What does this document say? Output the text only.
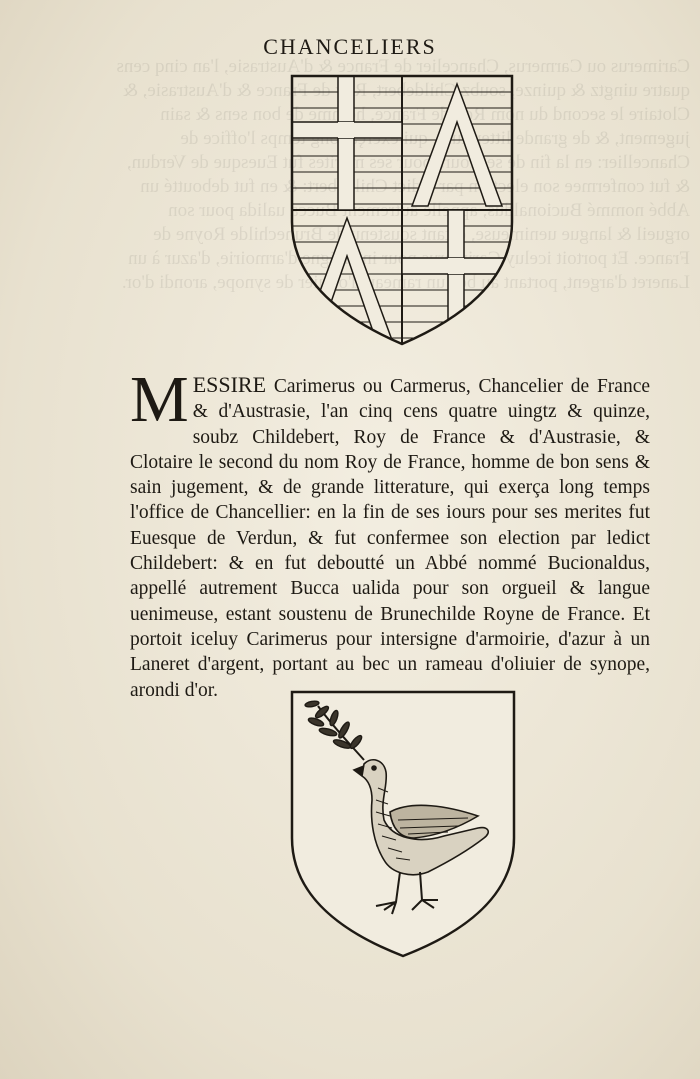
Carimerus ou Carmerus, Chancelier de France & d'Austrasie, l'an cinq cens quatre uingtz & quinze, soubz Childebert, de France & d'Austrasie, & Clotaire le second du nom Roy de France, homme de bon sens & sain jugement, & de grande qui temps l'office de Chancellier: en la fin de ses iours pour ses merites fut Euesque de Verdun, & fut confermee son election par ledict & en fut deboutté un Abbé nommé Bucionaldus, autrement Bucca ualida pour son orgueil & langue uenimeuse, estant soustenu de Brunechilde Royne de France. Et portoit iceluy pour d'armoirie, d'azur à un Laneret d'argent, portant au un rameau de synope, arondi d'or.
CHANCELIERS
MESSIRE Carimerus ou Carmerus, Chancelier de France & d'Austrasie, l'an cinq cens quatre uingtz & quinze, soubz Childebert, Roy de France & d'Austrasie, & Clotaire le second du nom Roy de France, homme de bon sens & sain jugement, & de grande litterature, qui exerça long temps l'office de Chancellier: en la fin de ses iours pour ses merites fut Euesque de Verdun, & fut confermee son election par ledict Childebert: & en fut deboutté un Abbé nommé Bucionaldus, appellé autrement Bucca ualida pour son orgueil & langue uenimeuse, estant soustenu de Brunechilde Royne de France. Et portoit iceluy Carimerus pour intersigne d'armoirie, d'azur à un Laneret d'argent, portant au bec un rameau d'oliuier de synope, arondi d'or.
